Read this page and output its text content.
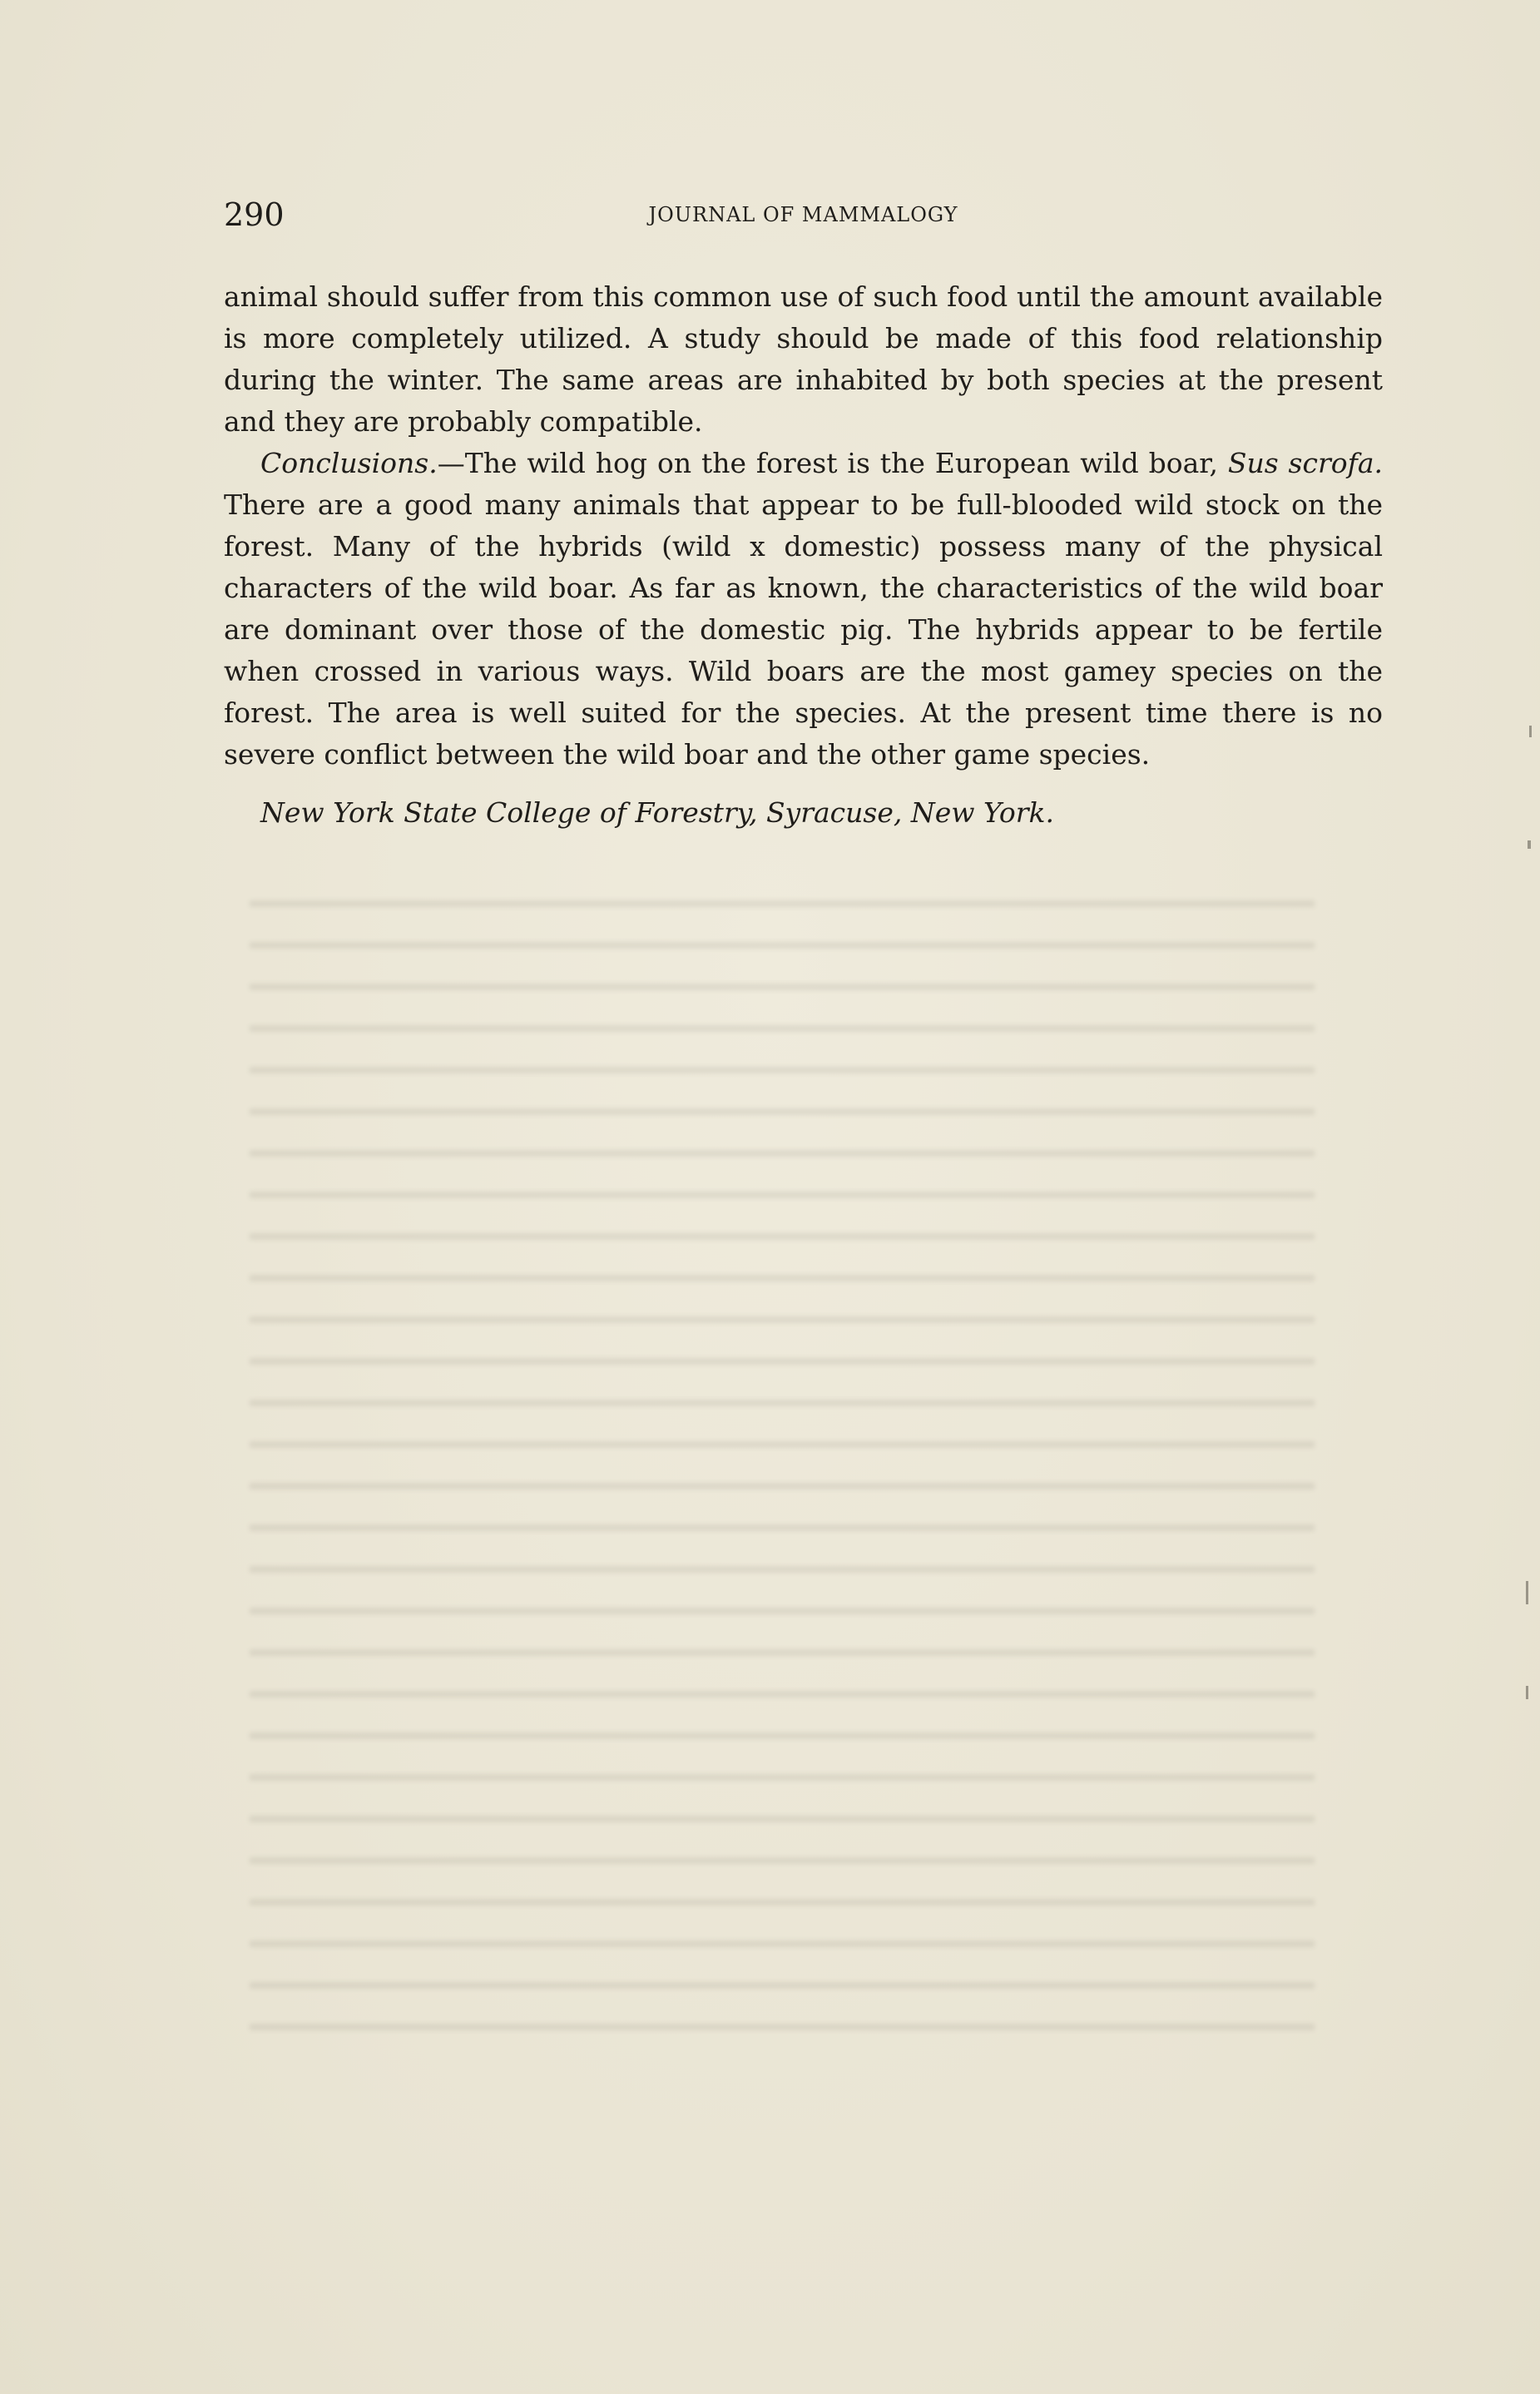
290	JOURNAL OF MAMMALOGY

animal should suffer from this common use of such food until the amount available is more completely utilized. A study should be made of this food relationship during the winter. The same areas are inhabited by both species at the present and they are probably compatible.

Conclusions.—The wild hog on the forest is the European wild boar, Sus scrofa. There are a good many animals that appear to be full-blooded wild stock on the forest. Many of the hybrids (wild x domestic) possess many of the physical characters of the wild boar. As far as known, the characteristics of the wild boar are dominant over those of the domestic pig. The hybrids appear to be fertile when crossed in various ways. Wild boars are the most gamey species on the forest. The area is well suited for the species. At the present time there is no severe conflict between the wild boar and the other game species.

New York State College of Forestry, Syracuse, New York.
